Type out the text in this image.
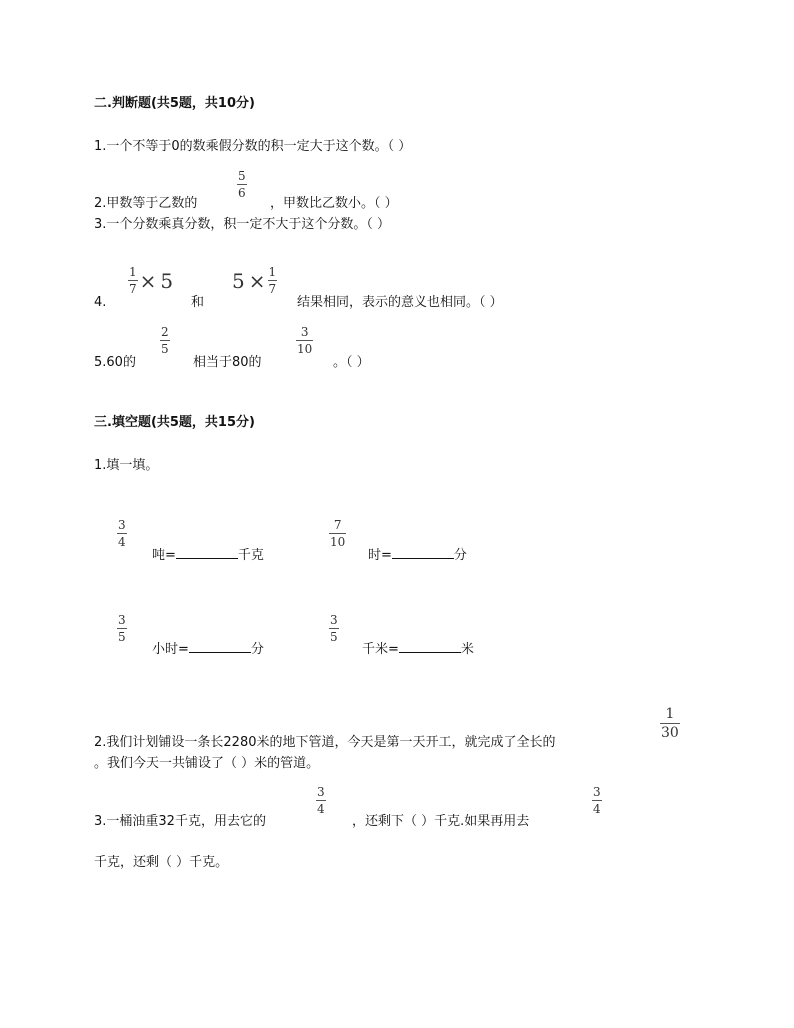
二.判断题(共5题，共10分)
1.一个不等于0的数乘假分数的积一定大于这个数。（ ）
2.甲数等于乙数的
5
6
，甲数比乙数小。（ ）
3.一个分数乘真分数，积一定不大于这个分数。（ ）
4.
$\frac{1}{7} \times 5$
和
$5 \times \frac{1}{7}$
结果相同，表示的意义也相同。（ ）
5.60的
2
5
相当于80的
3
10
。（ ）
三.填空题(共5题，共15分)
1.填一填。
3
4
吨=	千克
7
10
时=	分
3
5
小时=	分
3
5
千米=	米
2.我们计划铺设一条长2280米的地下管道，今天是第一天开工，就完成了全长的
1
30
。我们今天一共铺设了（ ）米的管道。
3.一桶油重32千克，用去它的
3
4
，还剩下（ ）千克.如果再用去
3
4
千克，还剩（ ）千克。
